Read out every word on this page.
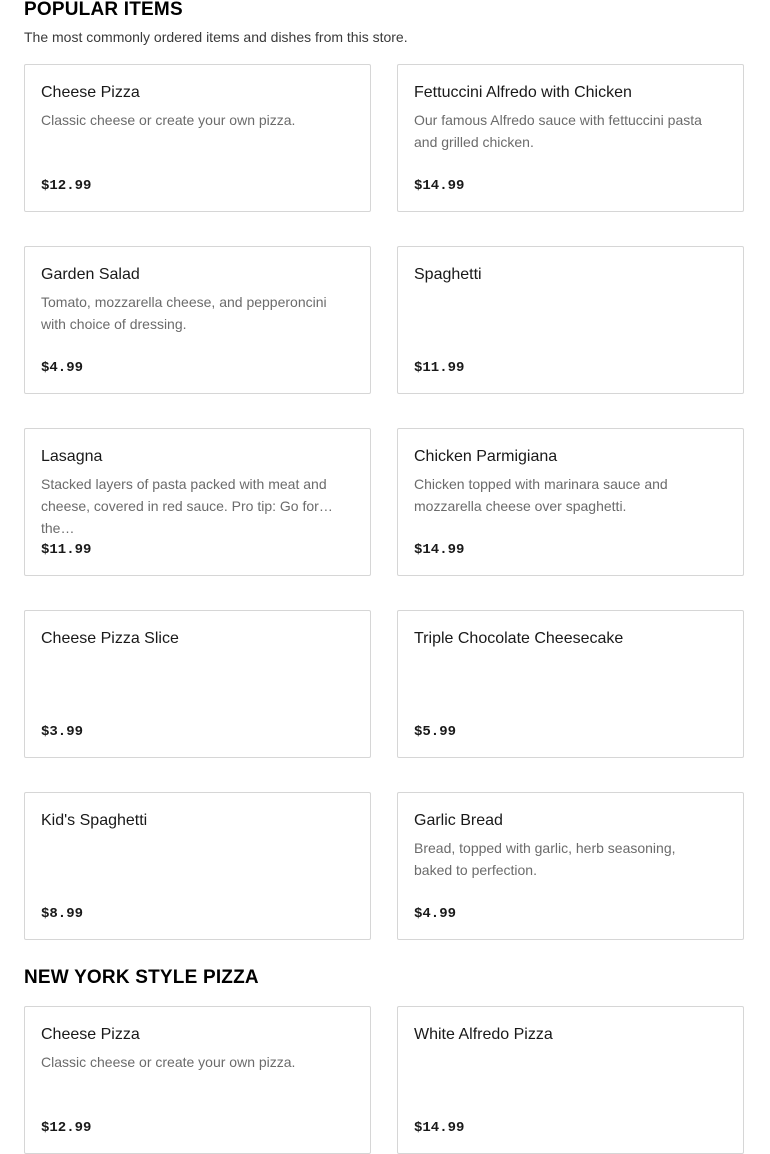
POPULAR ITEMS

The most commonly ordered items and dishes from this store.

Cheese Pizza
Classic cheese or create your own pizza.
$12.99
Fettuccini Alfredo with Chicken
Our famous Alfredo sauce with fettuccini pasta and grilled chicken.
$14.99
Garden Salad
Tomato, mozzarella cheese, and pepperoncini with choice of dressing.
$4.99
Spaghetti
$11.99
Lasagna
Stacked layers of pasta packed with meat and cheese, covered in red sauce. Pro tip: Go for the…
$11.99
Chicken Parmigiana
Chicken topped with marinara sauce and mozzarella cheese over spaghetti.
$14.99
Cheese Pizza Slice
$3.99
Triple Chocolate Cheesecake
$5.99
Kid's Spaghetti
$8.99
Garlic Bread
Bread, topped with garlic, herb seasoning, baked to perfection.
$4.99
NEW YORK STYLE PIZZA
Cheese Pizza
Classic cheese or create your own pizza.
$12.99
White Alfredo Pizza
$14.99
